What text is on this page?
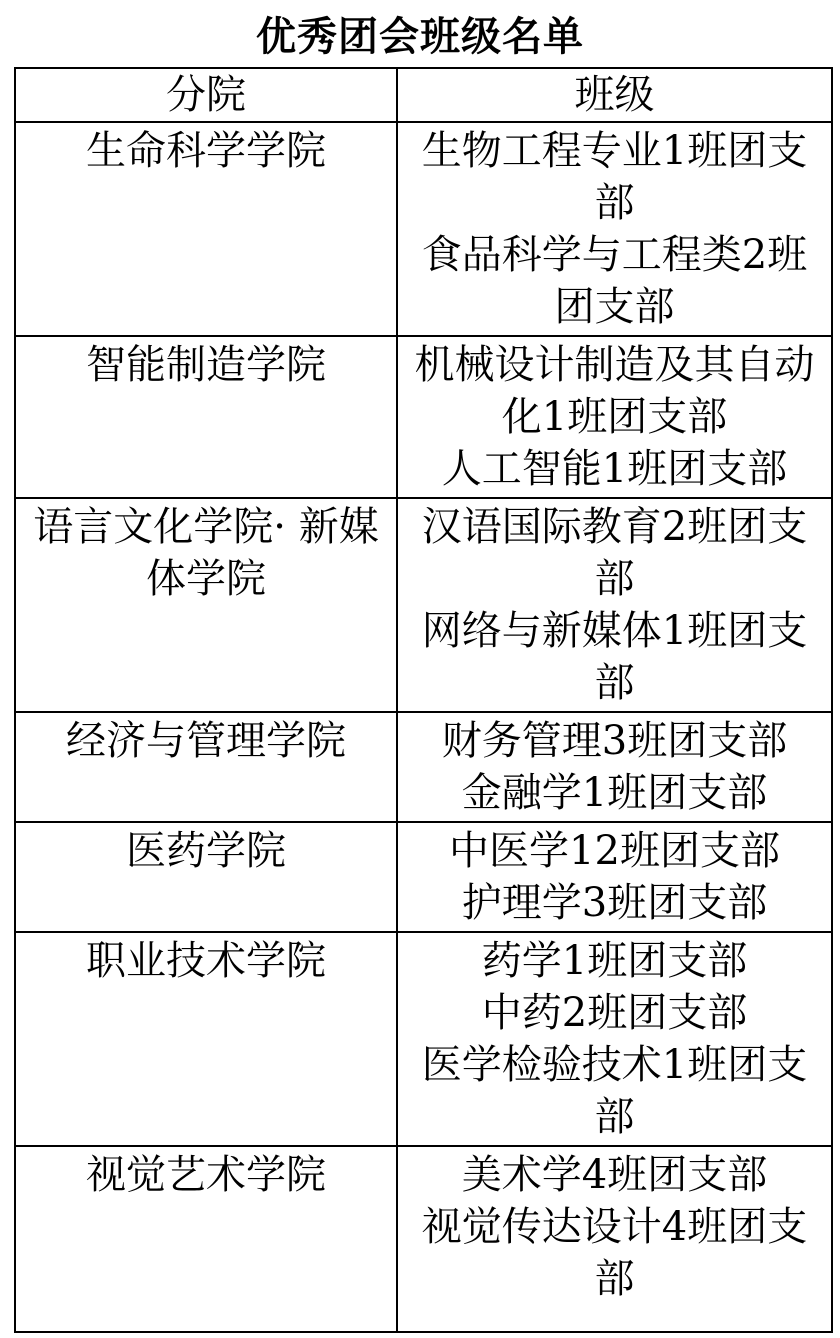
优秀团会班级名单
分院	班级

生命科学学院	生物工程专业1班团支部
食品科学与工程类2班团支部

智能制造学院	机械设计制造及其自动化1班团支部
人工智能1班团支部

语言文化学院· 新媒体学院	汉语国际教育2班团支部
网络与新媒体1班团支部

经济与管理学院	财务管理3班团支部
金融学1班团支部

医药学院	中医学12班团支部
护理学3班团支部

职业技术学院	药学1班团支部
中药2班团支部
医学检验技术1班团支部

视觉艺术学院	美术学4班团支部
视觉传达设计4班团支部
